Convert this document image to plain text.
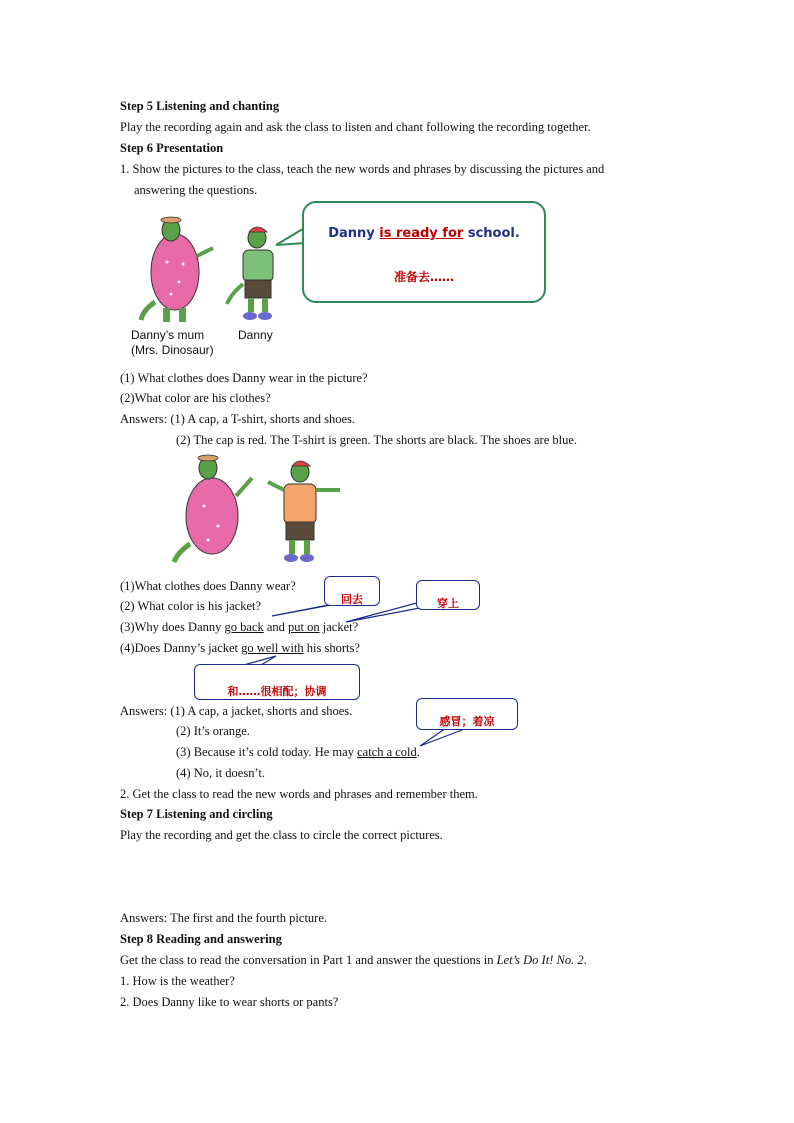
Step 5 Listening and chanting
Play the recording again and ask the class to listen and chant following the recording together.
Step 6 Presentation
1. Show the pictures to the class, teach the new words and phrases by discussing the pictures and
answering the questions.
Danny’s mum
(Mrs. Dinosaur)
Danny
Danny is ready for school.
准备去……
(1) What clothes does Danny wear in the picture?
(2)What color are his clothes?
Answers: (1) A cap, a T-shirt, shorts and shoes.
(2) The cap is red. The T-shirt is green. The shorts are black. The shoes are blue.
(1)What clothes does Danny wear?
(2) What color is his jacket?
(3)Why does Danny go back and put on jacket?
(4)Does Danny’s jacket go well with his shorts?
回去	穿上
和……很相配；协调
感冒；着凉
Answers: (1) A cap, a jacket, shorts and shoes.
(2) It’s orange.
(3) Because it’s cold today. He may catch a cold.
(4) No, it doesn’t.
2. Get the class to read the new words and phrases and remember them.
Step 7 Listening and circling
Play the recording and get the class to circle the correct pictures.
Answers: The first and the fourth picture.
Step 8 Reading and answering
Get the class to read the conversation in Part 1 and answer the questions in Let’s Do It! No. 2.
1. How is the weather?
2. Does Danny like to wear shorts or pants?
